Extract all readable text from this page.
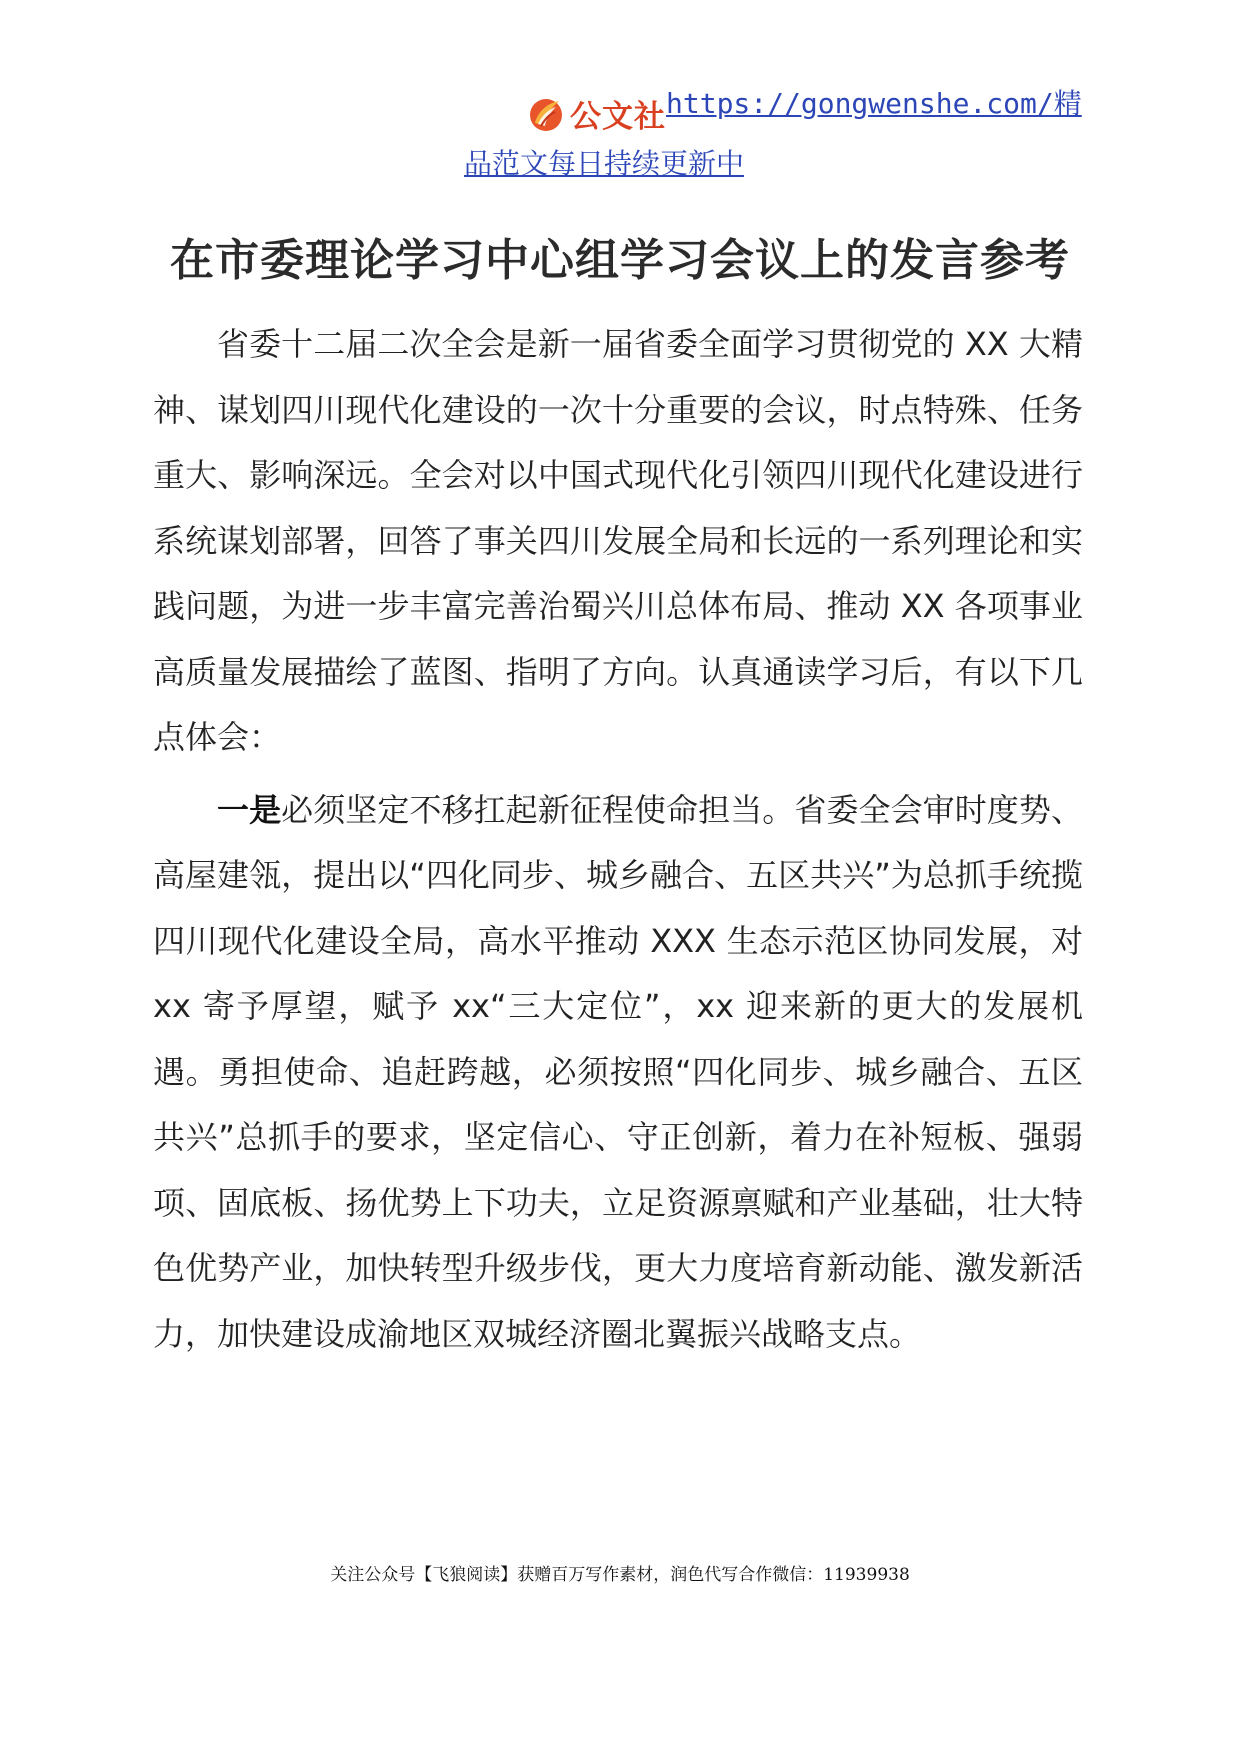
公文社 https://gongwenshe.com/精
品范文每日持续更新中
在市委理论学习中心组学习会议上的发言参考

省委十二届二次全会是新一届省委全面学习贯彻党的 XX 大精神、谋划四川现代化建设的一次十分重要的会议，时点特殊、任务重大、影响深远。全会对以中国式现代化引领四川现代化建设进行系统谋划部署，回答了事关四川发展全局和长远的一系列理论和实践问题，为进一步丰富完善治蜀兴川总体布局、推动 XX 各项事业高质量发展描绘了蓝图、指明了方向。认真通读学习后，有以下几点体会：

一是必须坚定不移扛起新征程使命担当。省委全会审时度势、高屋建瓴，提出以“四化同步、城乡融合、五区共兴”为总抓手统揽四川现代化建设全局，高水平推动 XXX 生态示范区协同发展，对 xx 寄予厚望，赋予 xx“三大定位”，xx 迎来新的更大的发展机遇。勇担使命、追赶跨越，必须按照“四化同步、城乡融合、五区共兴”总抓手的要求，坚定信心、守正创新，着力在补短板、强弱项、固底板、扬优势上下功夫，立足资源禀赋和产业基础，壮大特色优势产业，加快转型升级步伐，更大力度培育新动能、激发新活力，加快建设成渝地区双城经济圈北翼振兴战略支点。

关注公众号【飞狼阅读】获赠百万写作素材，润色代写合作微信：11939938
